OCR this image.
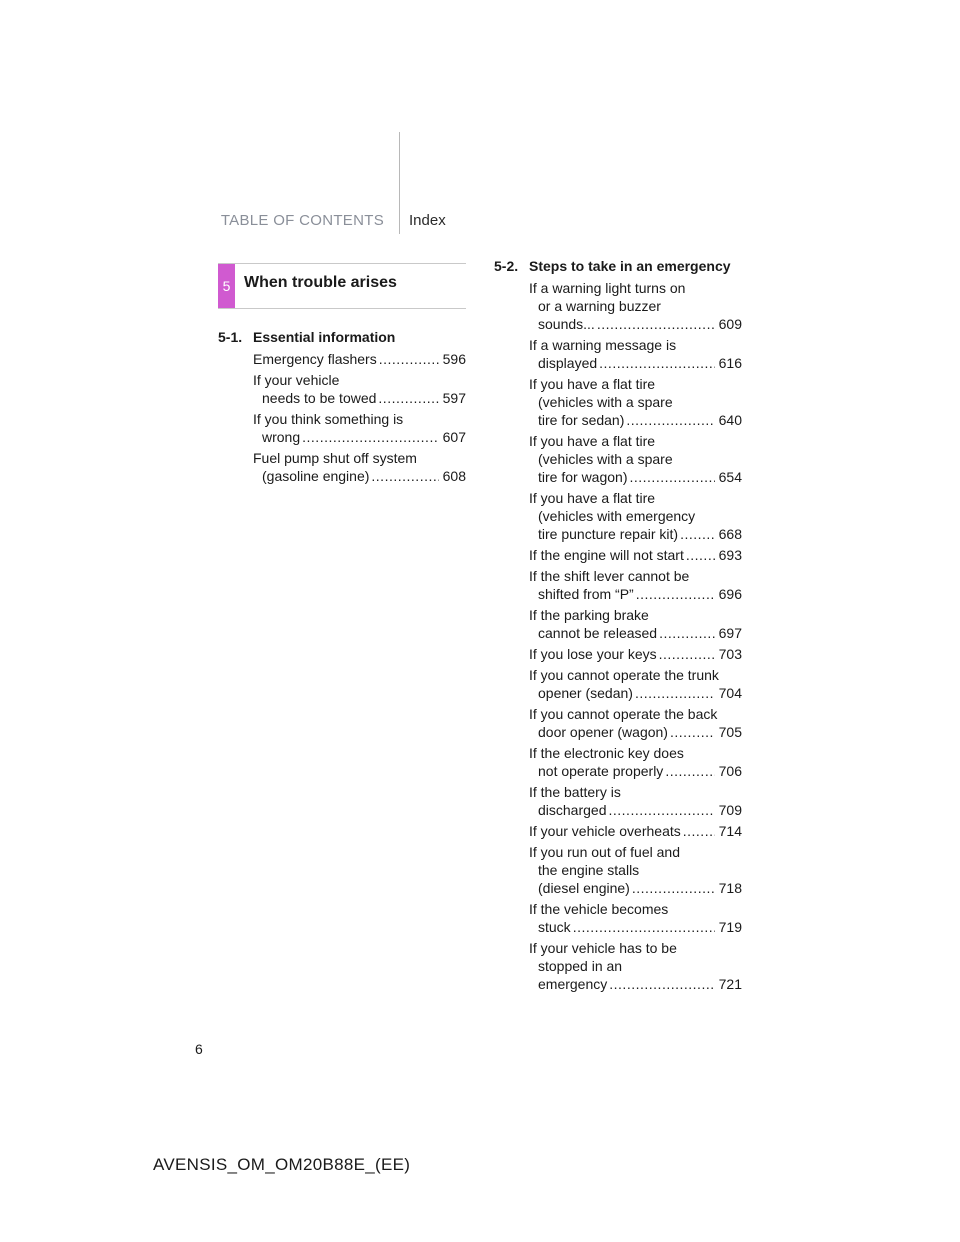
TABLE OF CONTENTS Index
5 When trouble arises
5-1. Essential information
Emergency flashers .....	596
If your vehicle
needs to be towed .....	597
If you think something is
wrong .....	607
Fuel pump shut off system
(gasoline engine) .....	608
5-2. Steps to take in an emergency
If a warning light turns on
or a warning buzzer
sounds... .....	609
If a warning message is
displayed .....	616
If you have a flat tire
(vehicles with a spare
tire for sedan) .....	640
If you have a flat tire
(vehicles with a spare
tire for wagon) .....	654
If you have a flat tire
(vehicles with emergency
tire puncture repair kit) .....	668
If the engine will not start ..... 693
If the shift lever cannot be
shifted from “P” .....	696
If the parking brake
cannot be released .....	697
If you lose your keys .....	703
If you cannot operate the trunk
opener (sedan) .....	704
If you cannot operate the back
door opener (wagon) .....	705
If the electronic key does
not operate properly .....	706
If the battery is
discharged .....	709
If your vehicle overheats .....	714
If you run out of fuel and
the engine stalls
(diesel engine) .....	718
If the vehicle becomes
stuck .....	719
If your vehicle has to be
stopped in an
emergency .....	721
6
AVENSIS_OM_OM20B88E_(EE)
